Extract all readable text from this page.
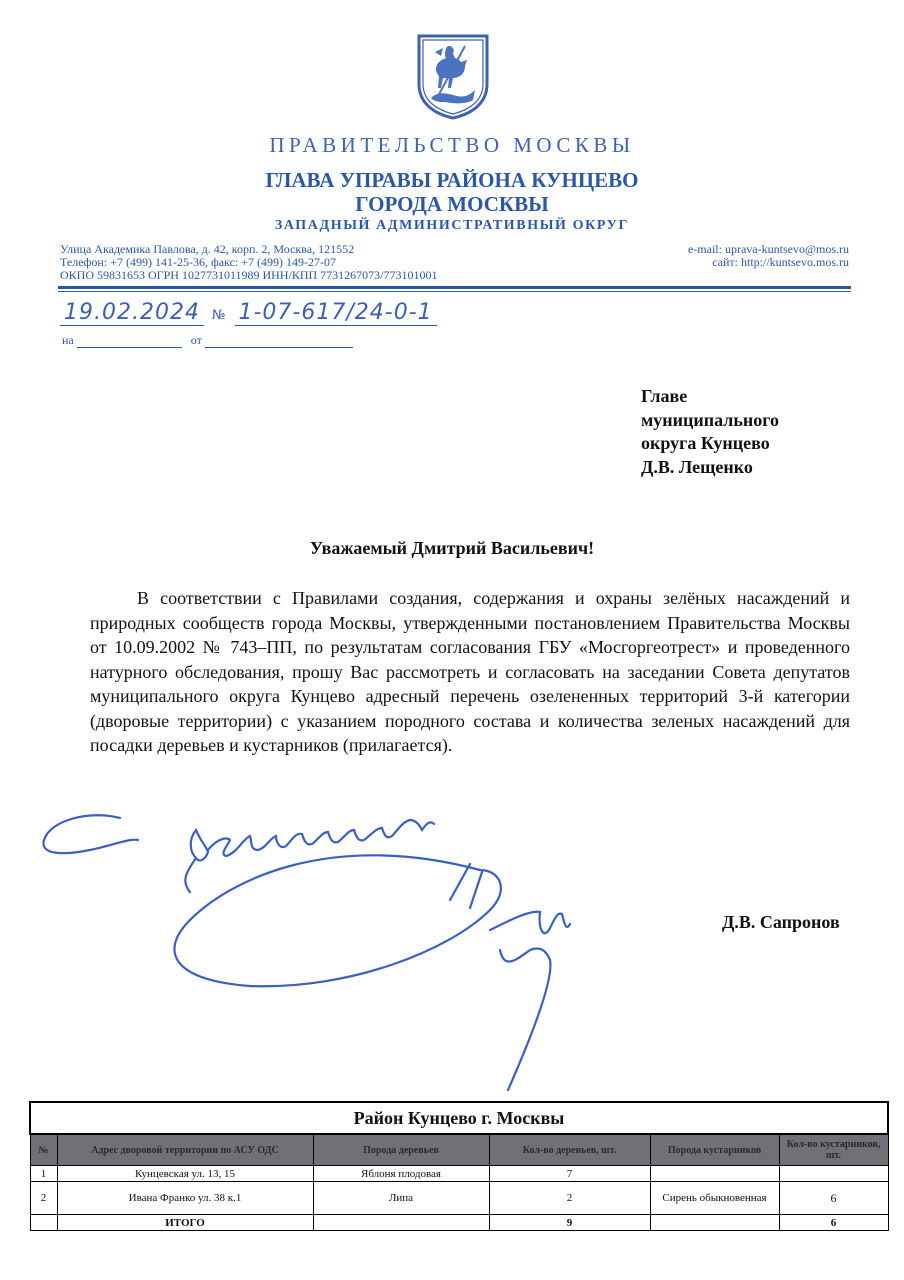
ПРАВИТЕЛЬСТВО МОСКВЫ
ГЛАВА УПРАВЫ РАЙОНА КУНЦЕВО
ГОРОДА МОСКВЫ
ЗАПАДНЫЙ АДМИНИСТРАТИВНЫЙ ОКРУГ
Улица Академика Павлова, д. 42, корп. 2, Москва, 121552
Телефон: +7 (499) 141-25-36, факс: +7 (499) 149-27-07
ОКПО 59831653 ОГРН 1027731011989 ИНН/КПП 7731267073/773101001
e-mail: uprava-kuntsevo@mos.ru
сайт: http://kuntsevo.mos.ru
19.02.2024 № 1-07-617/24-0-1
на	от
Главе
муниципального
округа Кунцево
Д.В. Лещенко
Уважаемый Дмитрий Васильевич!
В соответствии с Правилами создания, содержания и охраны зелёных насаждений и природных сообществ города Москвы, утвержденными постановлением Правительства Москвы от 10.09.2002 № 743–ПП, по результатам согласования ГБУ «Мосгоргеотрест» и проведенного натурного обследования, прошу Вас рассмотреть и согласовать на заседании Совета депутатов муниципального округа Кунцево адресный перечень озелененных территорий 3-й категории (дворовые территории) с указанием породного состава и количества зеленых насаждений для посадки деревьев и кустарников (прилагается).
Д.В. Сапронов
Район Кунцево г. Москвы					
№	Адрес дворовой территории по АСУ ОДС	Порода деревьев	Кол-во деревьев, шт.	Порода кустарников	Кол-во кустарников, шт.
1	Кунцевская ул. 13, 15	Яблоня плодовая	7		
2	Ивана Франко ул. 38 к.1	Липа	2	Сирень обыкновенная	6
	ИТОГО		9		6
